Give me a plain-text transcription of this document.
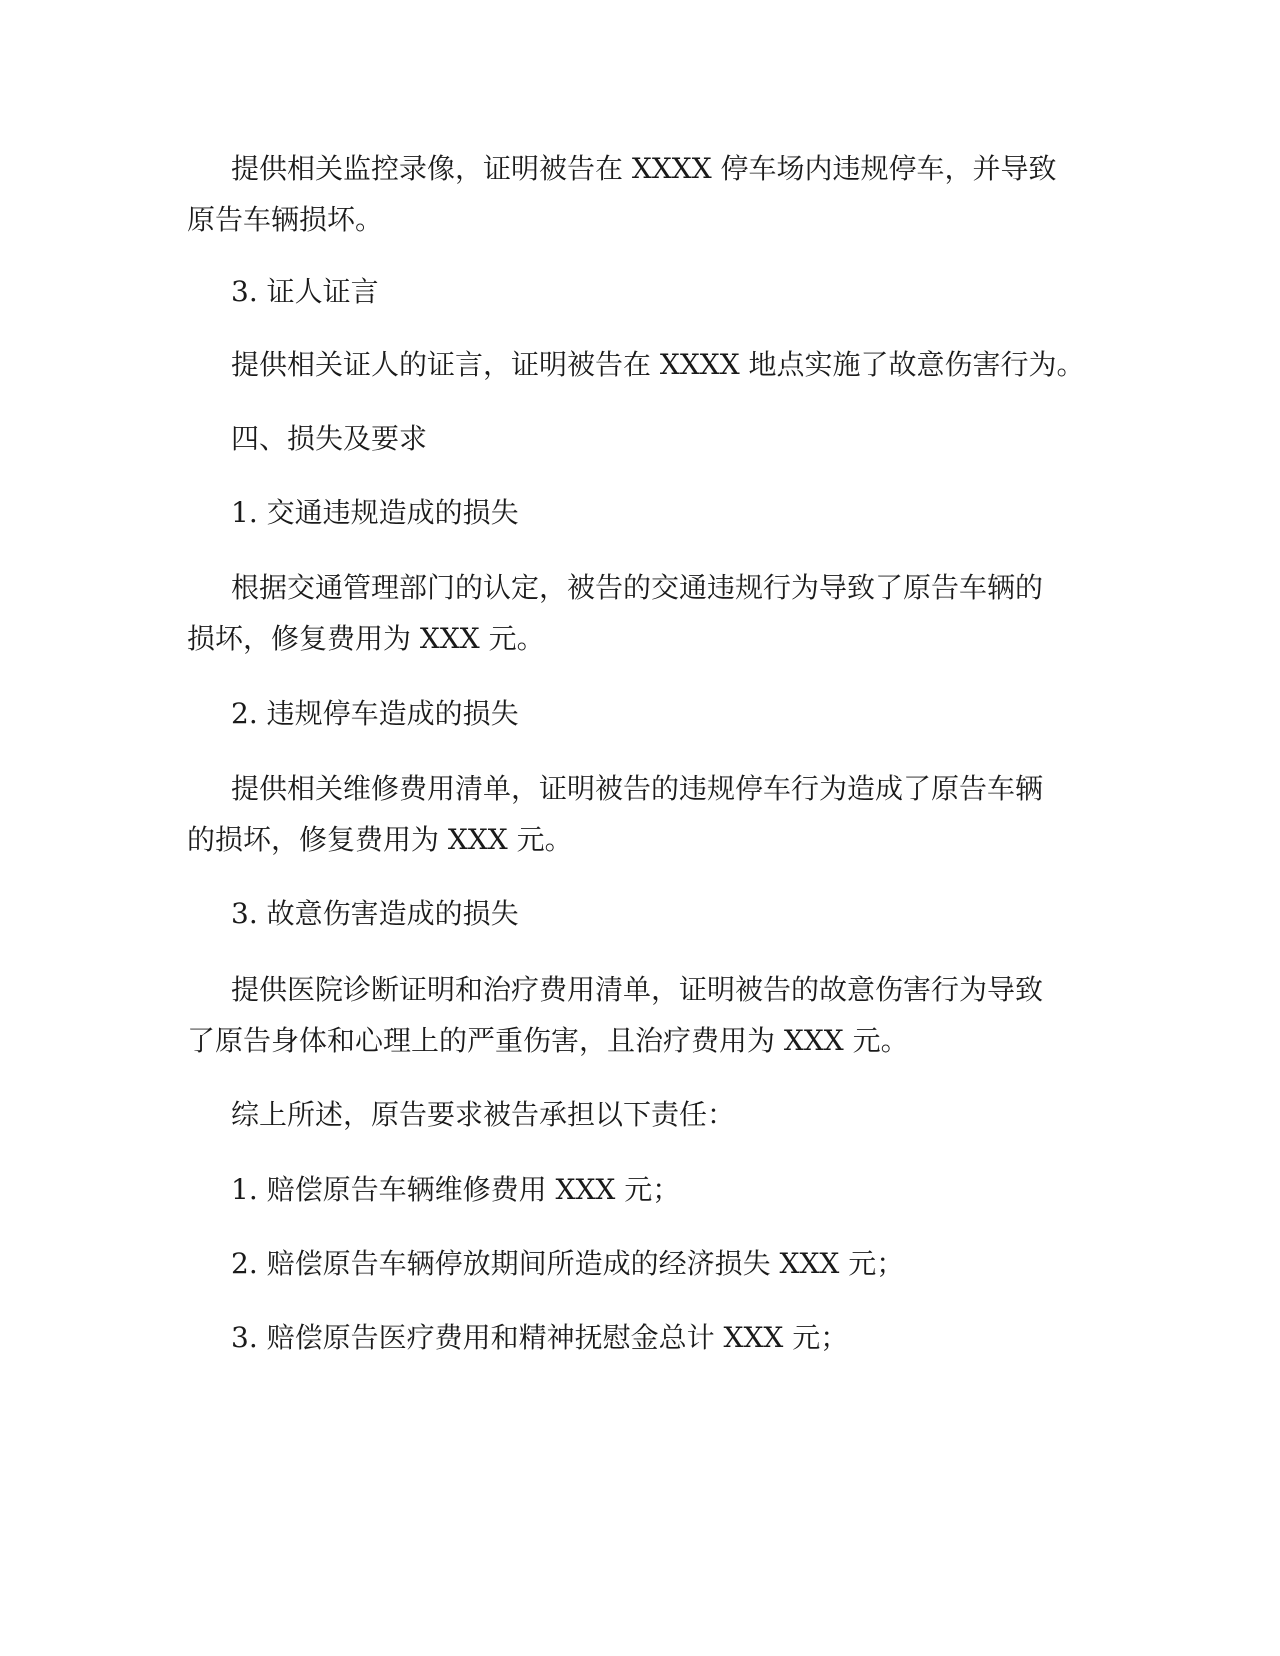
提供相关监控录像，证明被告在 XXXX 停车场内违规停车，并导致
原告车辆损坏。

3. 证人证言

提供相关证人的证言，证明被告在 XXXX 地点实施了故意伤害行为。

四、损失及要求

1. 交通违规造成的损失

根据交通管理部门的认定，被告的交通违规行为导致了原告车辆的
损坏，修复费用为 XXX 元。

2. 违规停车造成的损失

提供相关维修费用清单，证明被告的违规停车行为造成了原告车辆
的损坏，修复费用为 XXX 元。

3. 故意伤害造成的损失

提供医院诊断证明和治疗费用清单，证明被告的故意伤害行为导致
了原告身体和心理上的严重伤害，且治疗费用为 XXX 元。

综上所述，原告要求被告承担以下责任：

1. 赔偿原告车辆维修费用 XXX 元；

2. 赔偿原告车辆停放期间所造成的经济损失 XXX 元；

3. 赔偿原告医疗费用和精神抚慰金总计 XXX 元；
